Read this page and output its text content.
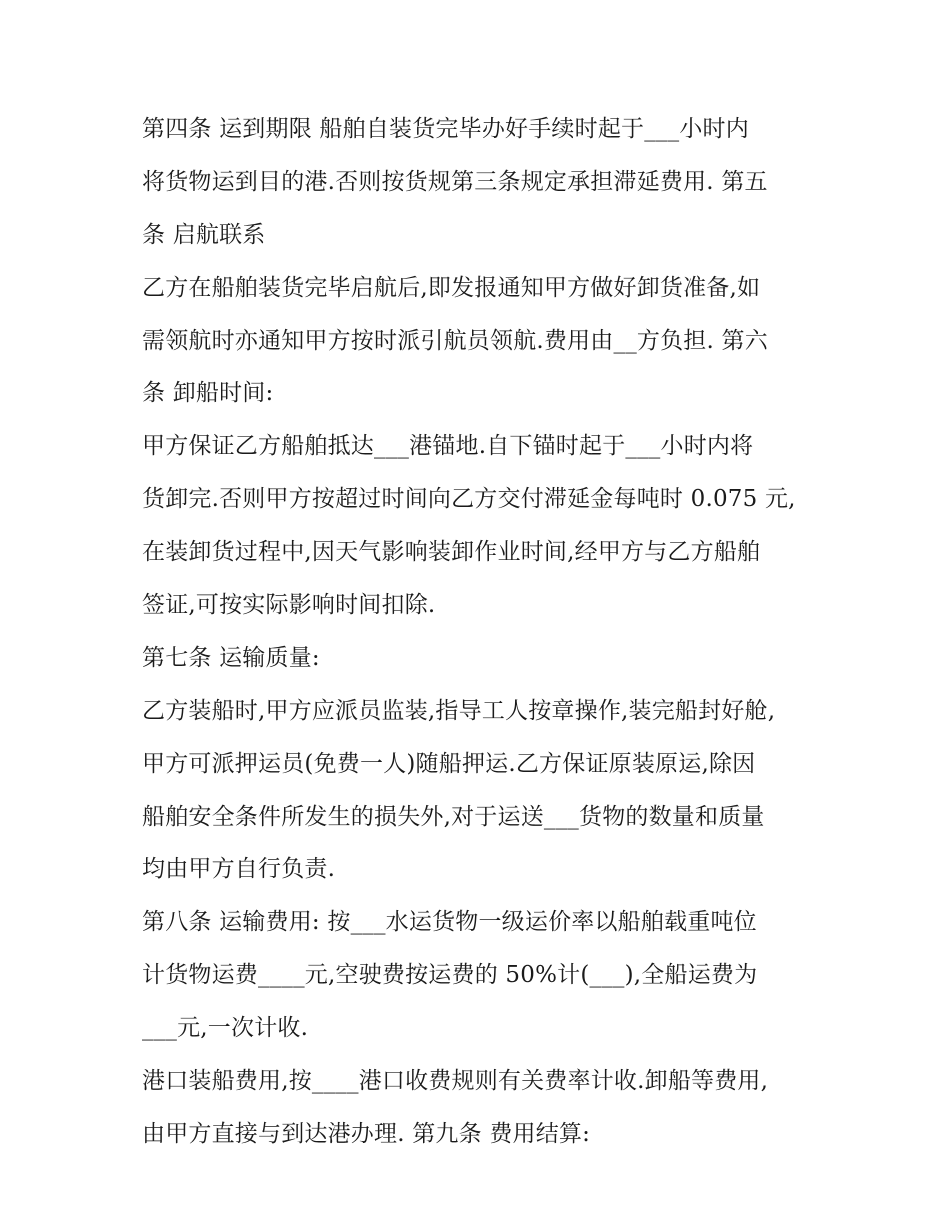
第四条 运到期限 船舶自装货完毕办好手续时起于___小时内
将货物运到目的港.否则按货规第三条规定承担滞延费用. 第五
条 启航联系
乙方在船舶装货完毕启航后,即发报通知甲方做好卸货准备,如
需领航时亦通知甲方按时派引航员领航.费用由__方负担. 第六
条 卸船时间:
甲方保证乙方船舶抵达___港锚地.自下锚时起于___小时内将
货卸完.否则甲方按超过时间向乙方交付滞延金每吨时 0.075 元,
在装卸货过程中,因天气影响装卸作业时间,经甲方与乙方船舶
签证,可按实际影响时间扣除.
第七条 运输质量:
乙方装船时,甲方应派员监装,指导工人按章操作,装完船封好舱,
甲方可派押运员(免费一人)随船押运.乙方保证原装原运,除因
船舶安全条件所发生的损失外,对于运送___货物的数量和质量
均由甲方自行负责.
第八条 运输费用: 按___水运货物一级运价率以船舶载重吨位
计货物运费____元,空驶费按运费的 50%计(___),全船运费为
___元,一次计收.
港口装船费用,按____港口收费规则有关费率计收.卸船等费用,
由甲方直接与到达港办理. 第九条 费用结算:
